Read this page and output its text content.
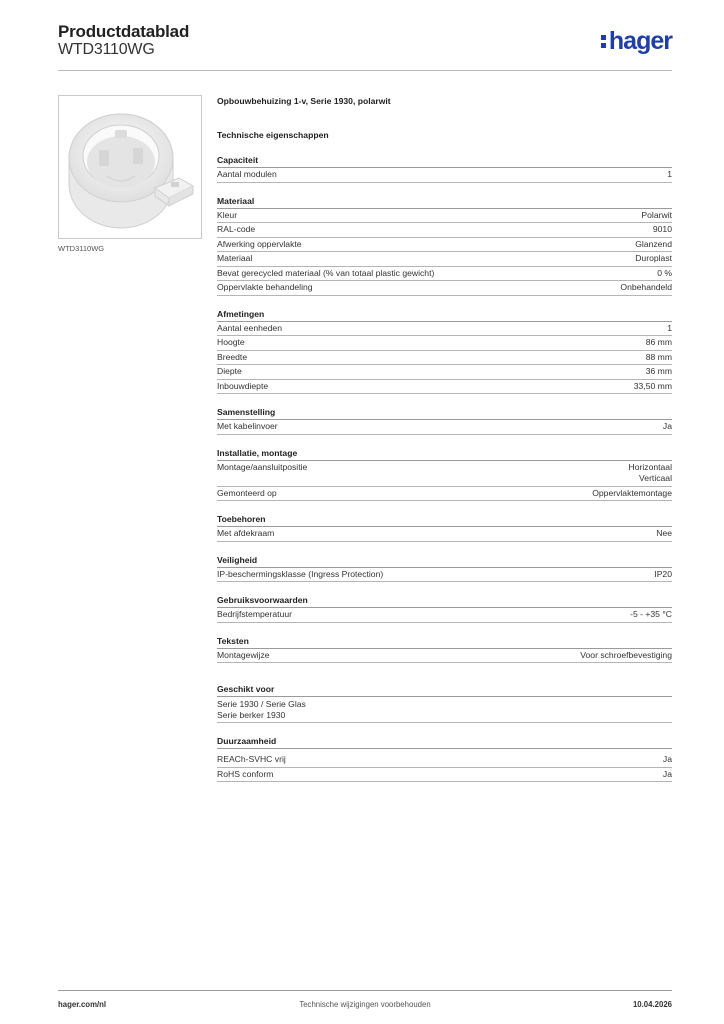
Productdatablad
WTD3110WG	hager
WTD3110WG
Opbouwbehuizing 1-v, Serie 1930, polarwit
Technische eigenschappen
Capaciteit
Aantal modulen	1
Materiaal
Kleur	Polarwit
RAL-code	9010
Afwerking oppervlakte	Glanzend
Materiaal	Duroplast
Bevat gerecycled materiaal (% van totaal plastic gewicht)	0 %
Oppervlakte behandeling	Onbehandeld
Afmetingen
Aantal eenheden	1
Hoogte	86 mm
Breedte	88 mm
Diepte	36 mm
Inbouwdiepte	33,50 mm
Samenstelling
Met kabelinvoer	Ja
Installatie, montage
Montage/aansluitpositie	Horizontaal
Verticaal
Gemonteerd op	Oppervlaktemontage
Toebehoren
Met afdekraam	Nee
Veiligheid
IP-beschermingsklasse (Ingress Protection)	IP20
Gebruiksvoorwaarden
Bedrijfstemperatuur	-5 - +35 °C
Teksten
Montagewijze	Voor schroefbevestiging
Geschikt voor
Serie 1930 / Serie Glas
Serie berker 1930
Duurzaamheid
REACh-SVHC vrij	Ja
RoHS conform	Ja
hager.com/nl	Technische wijzigingen voorbehouden	10.04.2026
